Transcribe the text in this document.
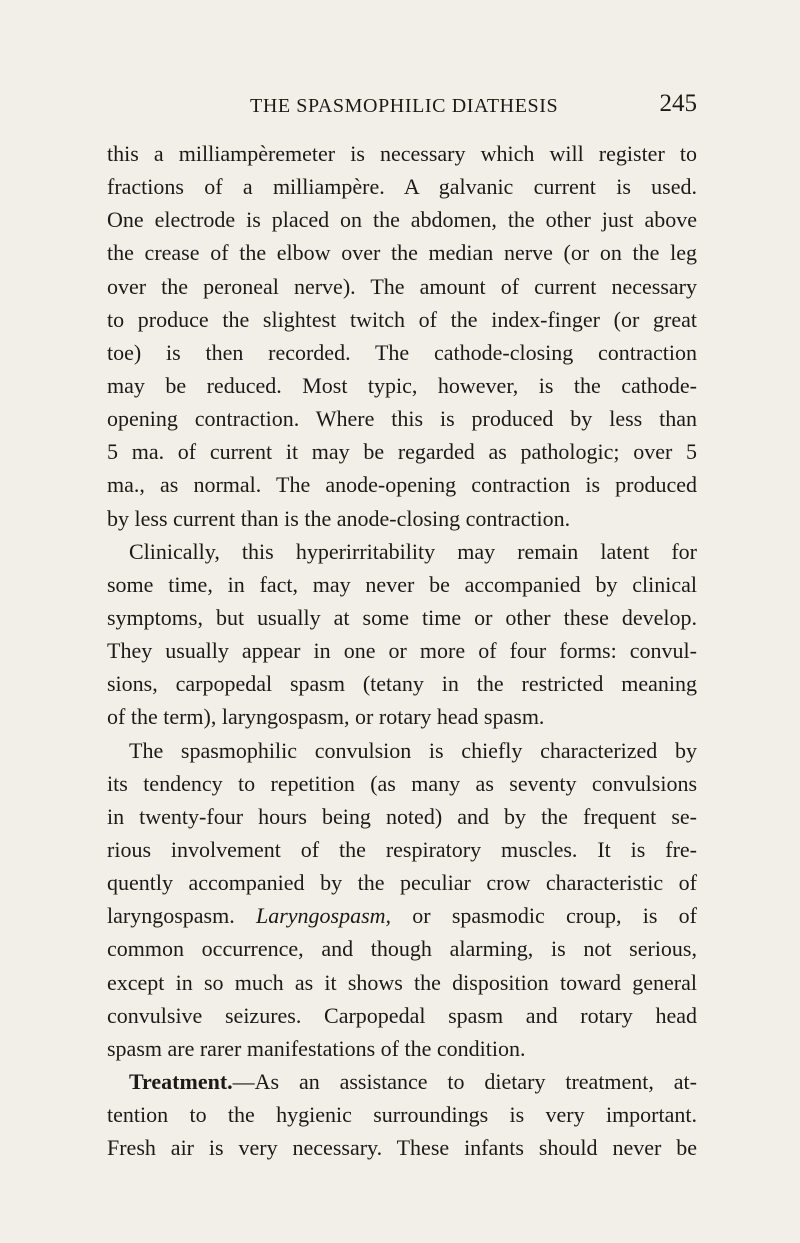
THE SPASMOPHILIC DIATHESIS	245
this a milliampèremeter is necessary which will register to
fractions of a milliampère. A galvanic current is used.
One electrode is placed on the abdomen, the other just above
the crease of the elbow over the median nerve (or on the leg
over the peroneal nerve). The amount of current necessary
to produce the slightest twitch of the index-finger (or great
toe) is then recorded. The cathode-closing contraction
may be reduced. Most typic, however, is the cathode-
opening contraction. Where this is produced by less than
5 ma. of current it may be regarded as pathologic; over 5
ma., as normal. The anode-opening contraction is produced
by less current than is the anode-closing contraction.
Clinically, this hyperirritability may remain latent for
some time, in fact, may never be accompanied by clinical
symptoms, but usually at some time or other these develop.
They usually appear in one or more of four forms: convul-
sions, carpopedal spasm (tetany in the restricted meaning
of the term), laryngospasm, or rotary head spasm.
The spasmophilic convulsion is chiefly characterized by
its tendency to repetition (as many as seventy convulsions
in twenty-four hours being noted) and by the frequent se-
rious involvement of the respiratory muscles. It is fre-
quently accompanied by the peculiar crow characteristic of
laryngospasm. Laryngospasm, or spasmodic croup, is of
common occurrence, and though alarming, is not serious,
except in so much as it shows the disposition toward general
convulsive seizures. Carpopedal spasm and rotary head
spasm are rarer manifestations of the condition.
Treatment.—As an assistance to dietary treatment, at-
tention to the hygienic surroundings is very important.
Fresh air is very necessary. These infants should never be
